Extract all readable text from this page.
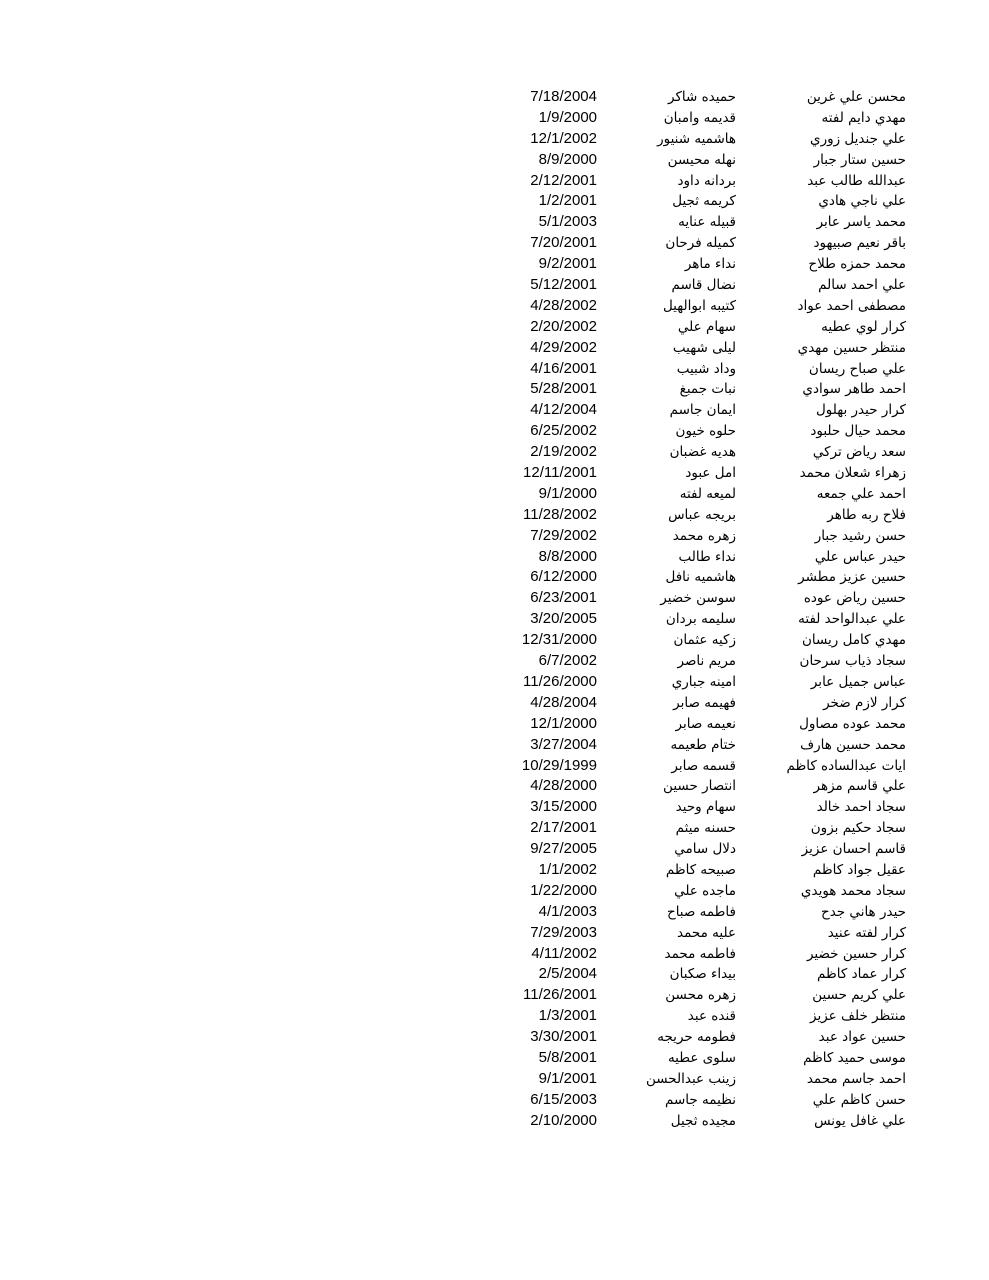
محسن علي غرين
حميده شاكر
7/18/2004
مهدي دايم لفته
قديمه وامبان
1/9/2000
علي جنديل زوري
هاشميه شنيور
12/1/2002
حسين ستار جبار
نهله محيسن
8/9/2000
عبدالله طالب عبد
بردانه داود
2/12/2001
علي ناجي هادي
كريمه ثجيل
1/2/2001
محمد ياسر عابر
قبيله عنايه
5/1/2003
باقر نعيم صبيهود
كميله فرحان
7/20/2001
محمد حمزه طلاح
نداء ماهر
9/2/2001
علي احمد سالم
نضال قاسم
5/12/2001
مصطفى احمد عواد
كتيبه ابوالهيل
4/28/2002
كرار لوي عطيه
سهام علي
2/20/2002
منتظر حسين مهدي
ليلى شهيب
4/29/2002
علي صباح ريسان
وداد شبيب
4/16/2001
احمد طاهر سوادي
نبات جمبغ
5/28/2001
كرار حيدر بهلول
ايمان جاسم
4/12/2004
محمد حيال حلبود
حلوه خيون
6/25/2002
سعد رياض تركي
هديه غضبان
2/19/2002
زهراء شعلان محمد
امل عبود
12/11/2001
احمد علي جمعه
لميعه لفته
9/1/2000
فلاح ربه طاهر
بريجه عباس
11/28/2002
حسن رشيد جبار
زهره محمد
7/29/2002
حيدر عباس علي
نداء طالب
8/8/2000
حسين عزيز مطشر
هاشميه نافل
6/12/2000
حسين رياض عوده
سوسن خضير
6/23/2001
علي عبدالواحد لفته
سليمه بردان
3/20/2005
مهدي كامل ريسان
زكيه عثمان
12/31/2000
سجاد ذياب سرحان
مريم ناصر
6/7/2002
عباس جميل عابر
امينه جباري
11/26/2000
كرار لازم ضخر
فهيمه صابر
4/28/2004
محمد عوده مصاول
نعيمه صابر
12/1/2000
محمد حسين هارف
ختام طعيمه
3/27/2004
ايات عبدالساده كاظم
قسمه صابر
10/29/1999
علي قاسم مزهر
انتصار حسين
4/28/2000
سجاد احمد خالد
سهام وحيد
3/15/2000
سجاد حكيم بزون
حسنه ميثم
2/17/2001
قاسم احسان عزيز
دلال سامي
9/27/2005
عقيل جواد كاظم
صبيحه كاظم
1/1/2002
سجاد محمد هويدي
ماجده علي
1/22/2000
حيدر هاني جدح
فاطمه صباح
4/1/2003
كرار لفته عنيد
عليه محمد
7/29/2003
كرار حسين خضير
فاطمه محمد
4/11/2002
كرار عماد كاظم
بيداء صكبان
2/5/2004
علي كريم حسين
زهره محسن
11/26/2001
منتظر خلف عزيز
قنده عبد
1/3/2001
حسين عواد عبد
فطومه حريجه
3/30/2001
موسى حميد كاظم
سلوى عطيه
5/8/2001
احمد جاسم محمد
زينب عبدالحسن
9/1/2001
حسن كاظم علي
نظيمه جاسم
6/15/2003
علي غافل يونس
مجيده ثجيل
2/10/2000
